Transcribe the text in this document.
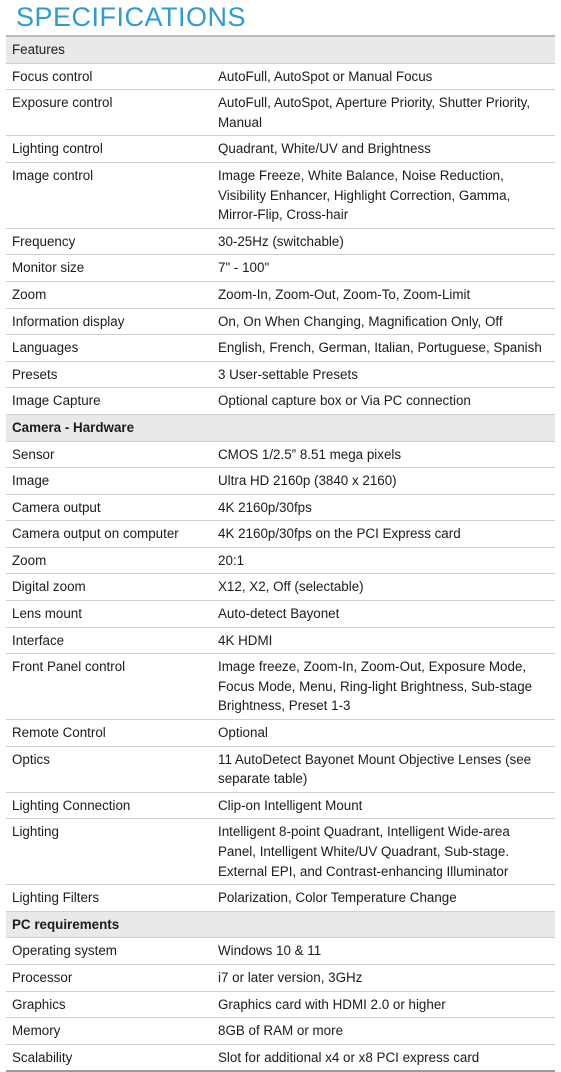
SPECIFICATIONS
Features	
Focus control	AutoFull, AutoSpot or Manual Focus
Exposure control	AutoFull, AutoSpot, Aperture Priority, Shutter Priority, Manual
Lighting control	Quadrant, White/UV and Brightness
Image control	Image Freeze, White Balance, Noise Reduction, Visibility Enhancer, Highlight Correction, Gamma, Mirror-Flip, Cross-hair
Frequency	30-25Hz (switchable)
Monitor size	7" - 100"
Zoom	Zoom-In, Zoom-Out, Zoom-To, Zoom-Limit
Information display	On, On When Changing, Magnification Only, Off
Languages	English, French, German, Italian, Portuguese, Spanish
Presets	3 User-settable Presets
Image Capture	Optional capture box or Via PC connection
Camera - Hardware	
Sensor	CMOS 1/2.5” 8.51 mega pixels
Image	Ultra HD 2160p (3840 x 2160)
Camera output	4K 2160p/30fps
Camera output on computer	4K 2160p/30fps on the PCI Express card
Zoom	20:1
Digital zoom	X12, X2, Off (selectable)
Lens mount	Auto-detect Bayonet
Interface	4K HDMI
Front Panel control	Image freeze, Zoom-In, Zoom-Out, Exposure Mode, Focus Mode, Menu, Ring-light Brightness, Sub-stage Brightness, Preset 1-3
Remote Control	Optional
Optics	11 AutoDetect Bayonet Mount Objective Lenses (see separate table)
Lighting Connection	Clip-on Intelligent Mount
Lighting	Intelligent 8-point Quadrant, Intelligent Wide-area Panel, Intelligent White/UV Quadrant, Sub-stage. External EPI, and Contrast-enhancing Illuminator
Lighting Filters	Polarization, Color Temperature Change
PC requirements	
Operating system	Windows 10 & 11
Processor	i7 or later version, 3GHz
Graphics	Graphics card with HDMI 2.0 or higher
Memory	8GB of RAM or more
Scalability	Slot for additional x4 or x8 PCI express card
